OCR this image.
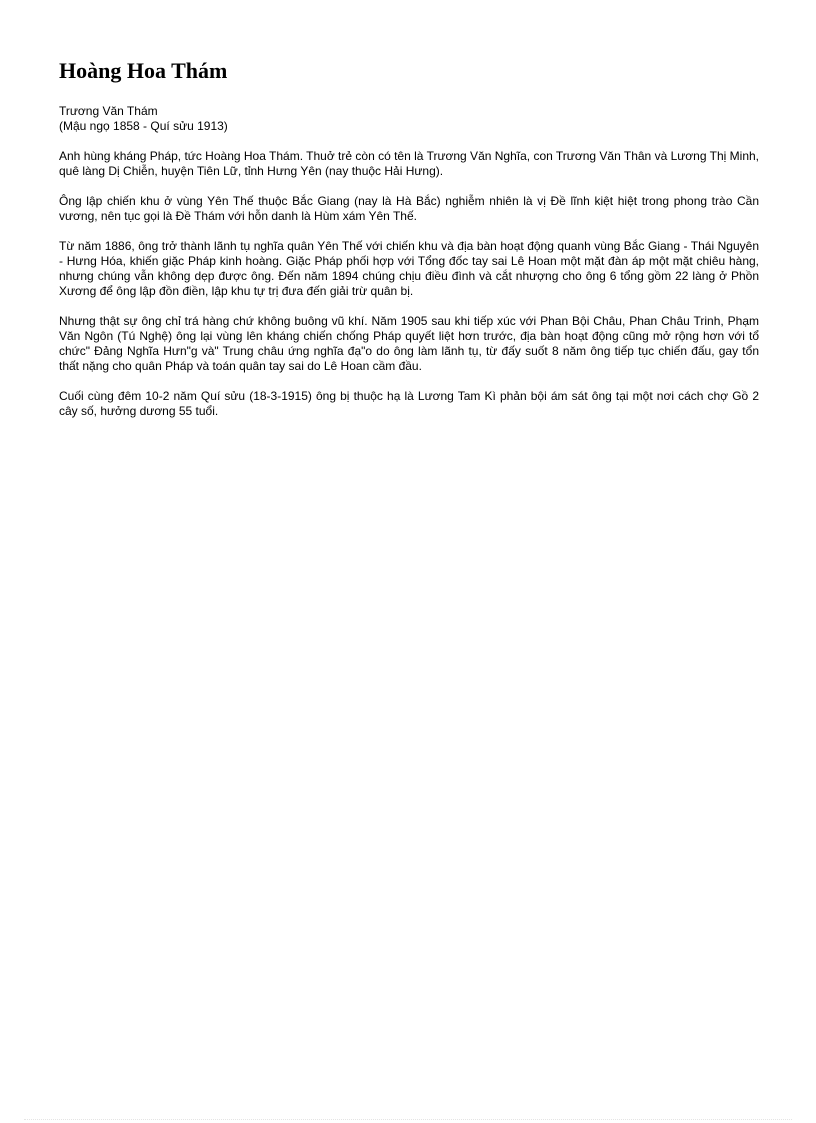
Hoàng Hoa Thám
Trương Văn Thám
(Mậu ngọ 1858 - Quí sửu 1913)

Anh hùng kháng Pháp, tức Hoàng Hoa Thám. Thuở trẻ còn có tên là Trương Văn Nghĩa, con Trương Văn Thân và Lương Thị Minh, quê làng Dị Chiễn, huyện Tiên Lữ, tỉnh Hưng Yên (nay thuộc Hải Hưng).

Ông lập chiến khu ở vùng Yên Thế thuộc Bắc Giang (nay là Hà Bắc) nghiễm nhiên là vị Đề lĩnh kiệt hiệt trong phong trào Cần vương, nên tục gọi là Đề Thám với hỗn danh là Hùm xám Yên Thế.

Từ năm 1886, ông trở thành lãnh tụ nghĩa quân Yên Thế với chiến khu và địa bàn hoạt động quanh vùng Bắc Giang - Thái Nguyên - Hưng Hóa, khiến giặc Pháp kinh hoàng. Giặc Pháp phối hợp với Tổng đốc tay sai Lê Hoan một mặt đàn áp một mặt chiêu hàng, nhưng chúng vẫn không dẹp được ông. Đến năm 1894 chúng chịu điều đình và cắt nhượng cho ông 6 tổng gồm 22 làng ở Phồn Xương để ông lập đồn điền, lập khu tự trị đưa đến giải trừ quân bị.

Nhưng thật sự ông chỉ trá hàng chứ không buông vũ khí. Năm 1905 sau khi tiếp xúc với Phan Bội Châu, Phan Châu Trinh, Phạm Văn Ngôn (Tú Nghệ) ông lại vùng lên kháng chiến chống Pháp quyết liệt hơn trước, địa bàn hoạt động cũng mở rộng hơn với tổ chức" Đảng Nghĩa Hưn"g và" Trung châu ứng nghĩa đạ"o do ông làm lãnh tụ, từ đấy suốt 8 năm ông tiếp tục chiến đấu, gay tổn thất nặng cho quân Pháp và toán quân tay sai do Lê Hoan cầm đầu.

Cuối cùng đêm 10-2 năm Quí sửu (18-3-1915) ông bị thuộc hạ là Lương Tam Kì phản bội ám sát ông tại một nơi cách chợ Gồ 2 cây số, hưởng dương 55 tuổi.
